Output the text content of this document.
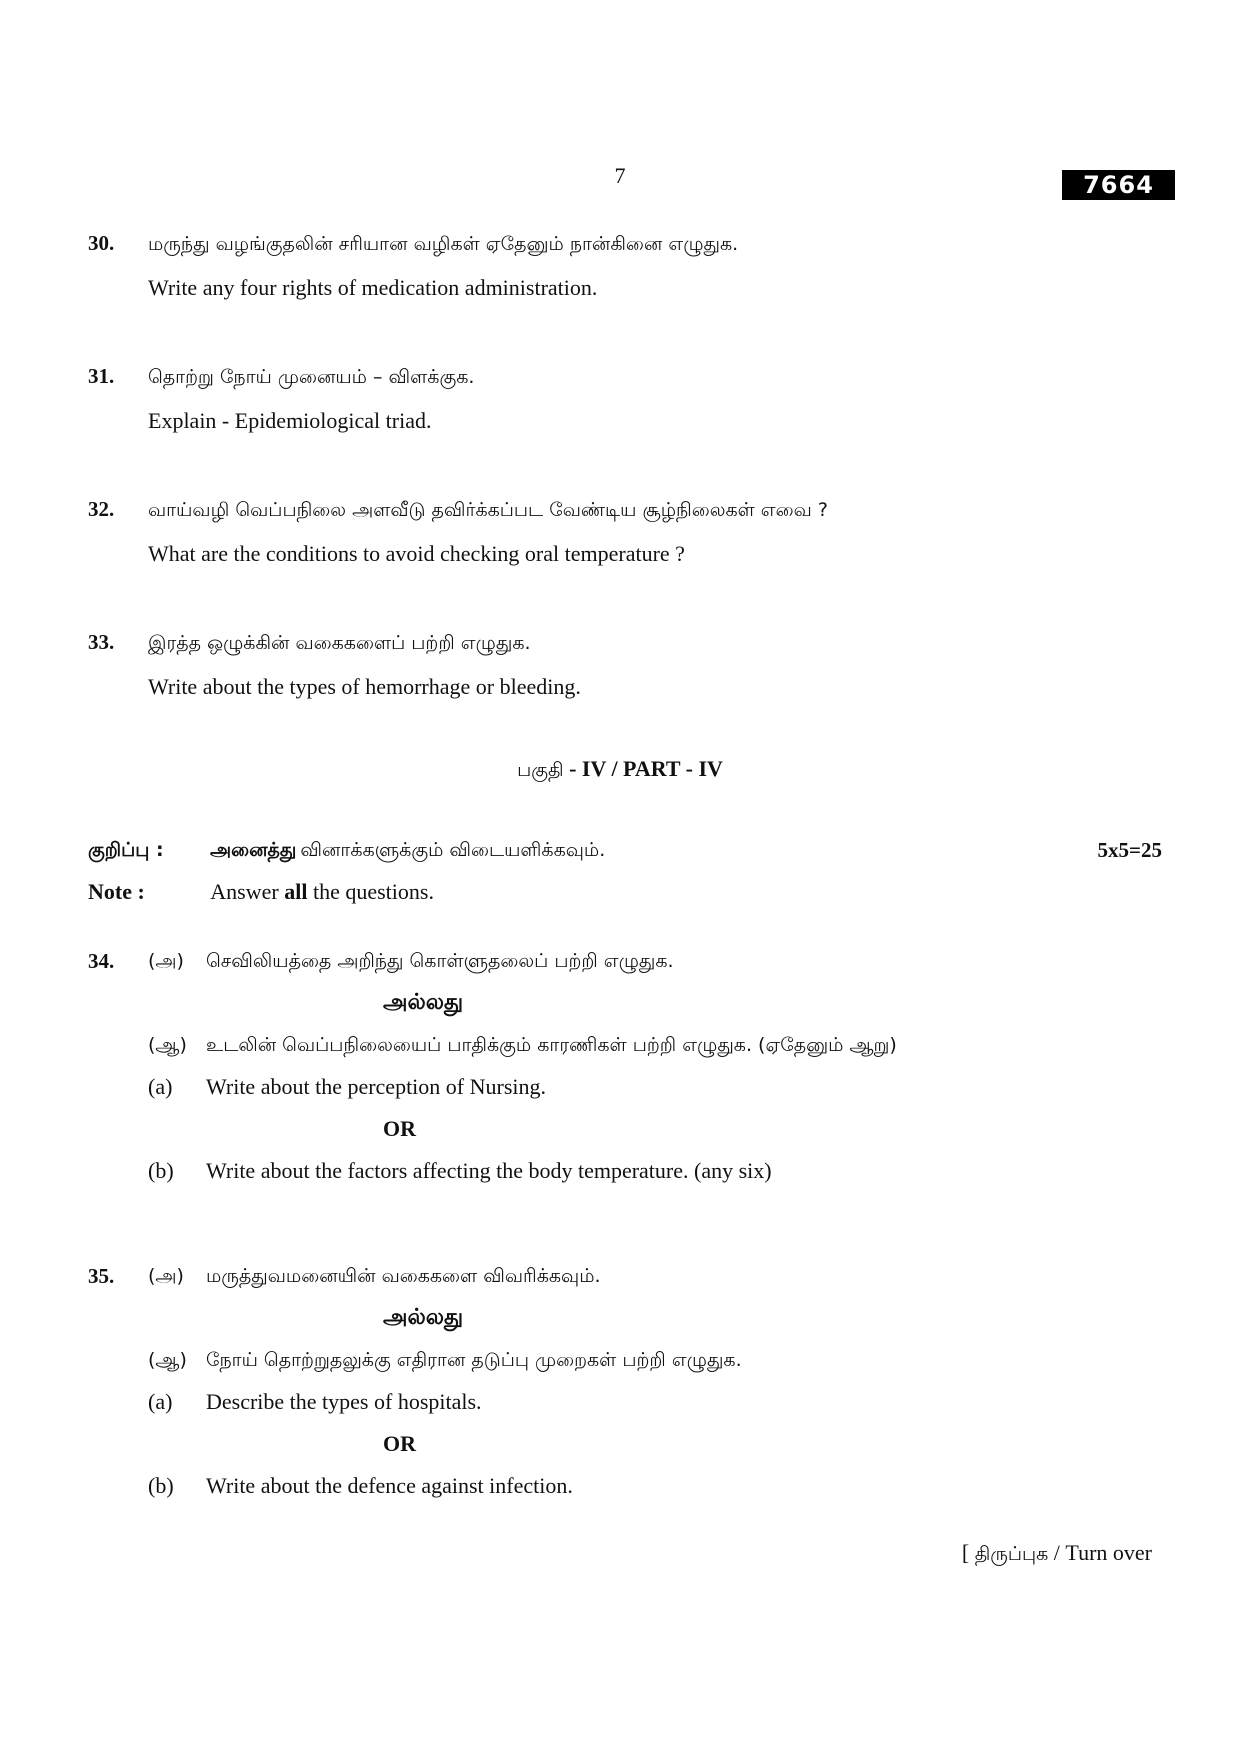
7	7664
30.	மருந்து வழங்குதலின் சரியான வழிகள் ஏதேனும் நான்கினை எழுதுக.
Write any four rights of medication administration.
31.	தொற்று நோய் முனையம் – விளக்குக.
Explain - Epidemiological triad.
32.	வாய்வழி வெப்பநிலை அளவீடு தவிர்க்கப்பட வேண்டிய சூழ்நிலைகள் எவை ?
What are the conditions to avoid checking oral temperature ?
33.	இரத்த ஒழுக்கின் வகைகளைப் பற்றி எழுதுக.
Write about the types of hemorrhage or bleeding.
பகுதி - IV / PART - IV
குறிப்பு : அனைத்து வினாக்களுக்கும் விடையளிக்கவும்.	5x5=25
Note :	Answer all the questions.
34.	(அ) செவிலியத்தை அறிந்து கொள்ளுதலைப் பற்றி எழுதுக.
அல்லது
(ஆ) உடலின் வெப்பநிலையைப் பாதிக்கும் காரணிகள் பற்றி எழுதுக. (ஏதேனும் ஆறு)
(a) Write about the perception of Nursing.
OR
(b) Write about the factors affecting the body temperature. (any six)
35.	(அ) மருத்துவமனையின் வகைகளை விவரிக்கவும்.
அல்லது
(ஆ) நோய் தொற்றுதலுக்கு எதிரான தடுப்பு முறைகள் பற்றி எழுதுக.
(a) Describe the types of hospitals.
OR
(b) Write about the defence against infection.
[ திருப்புக / Turn over
